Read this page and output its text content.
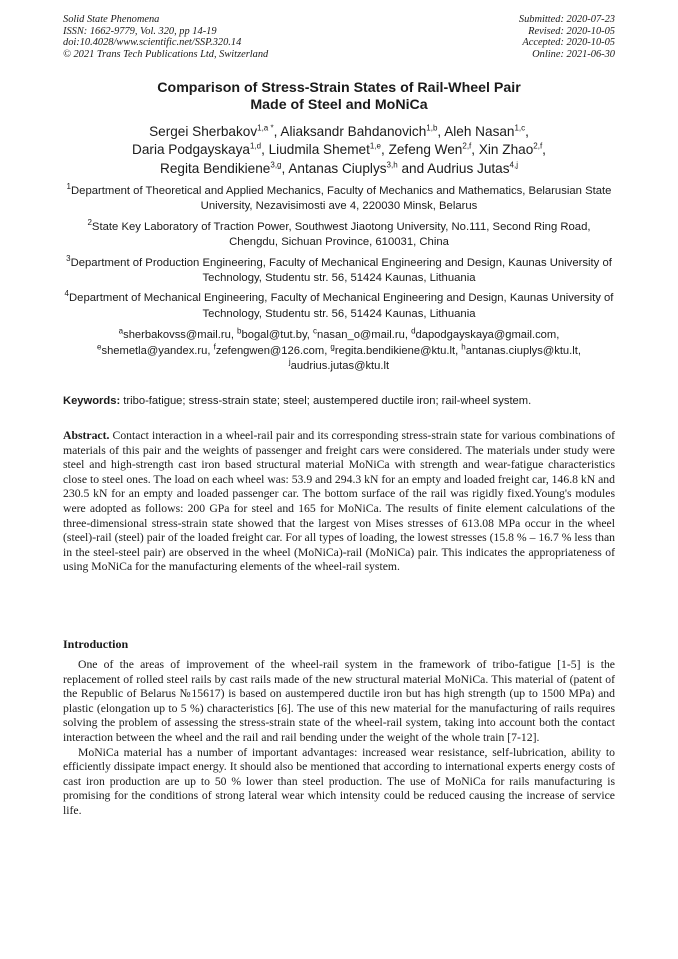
Solid State Phenomena
ISSN: 1662-9779, Vol. 320, pp 14-19
doi:10.4028/www.scientific.net/SSP.320.14
© 2021 Trans Tech Publications Ltd, Switzerland
Submitted: 2020-07-23
Revised: 2020-10-05
Accepted: 2020-10-05
Online: 2021-06-30
Comparison of Stress-Strain States of Rail-Wheel Pair
Made of Steel and MoNiCa
Sergei Sherbakov$^{1,a *}$, Aliaksandr Bahdanovich$^{1,b}$, Aleh Nasan$^{1,c}$,
Daria Podgayskaya$^{1,d}$, Liudmila Shemet$^{1,e}$, Zefeng Wen$^{2,f}$, Xin Zhao$^{2,f}$,
Regita Bendikiene$^{3,g}$, Antanas Ciuplys$^{3,h}$ and Audrius Jutas$^{4,j}$

$^1$Department of Theoretical and Applied Mechanics, Faculty of Mechanics and Mathematics, Belarusian State University, Nezavisimosti ave 4, 220030 Minsk, Belarus

$^2$State Key Laboratory of Traction Power, Southwest Jiaotong University, No.111, Second Ring Road, Chengdu, Sichuan Province, 610031, China

$^3$Department of Production Engineering, Faculty of Mechanical Engineering and Design, Kaunas University of Technology, Studentu str. 56, 51424 Kaunas, Lithuania

$^4$Department of Mechanical Engineering, Faculty of Mechanical Engineering and Design, Kaunas University of Technology, Studentu str. 56, 51424 Kaunas, Lithuania

$^a$sherbakovss@mail.ru, $^b$bogal@tut.by, $^c$nasan_o@mail.ru, $^d$dapodgayskaya@gmail.com,
$^e$shemetla@yandex.ru, $^f$zefengwen@126.com, $^g$regita.bendikiene@ktu.lt, $^h$antanas.ciuplys@ktu.lt,
$^j$audrius.jutas@ktu.lt
Keywords: tribo-fatigue; stress-strain state; steel; austempered ductile iron; rail-wheel system.

Abstract. Contact interaction in a wheel-rail pair and its corresponding stress-strain state for various combinations of materials of this pair and the weights of passenger and freight cars were considered. The materials under study were steel and high-strength cast iron based structural material MoNiCa with strength and wear-fatigue characteristics close to steel ones. The load on each wheel was: 53.9 and 294.3 kN for an empty and loaded freight car, 146.8 kN and 230.5 kN for an empty and loaded passenger car. The bottom surface of the rail was rigidly fixed.Young's modules were adopted as follows: 200 GPa for steel and 165 for MoNiCa. The results of finite element calculations of the three-dimensional stress-strain state showed that the largest von Mises stresses of 613.08 MPa occur in the wheel (steel)-rail (steel) pair of the loaded freight car. For all types of loading, the lowest stresses (15.8 % – 16.7 % less than in the steel-steel pair) are observed in the wheel (MoNiCa)-rail (MoNiCa) pair. This indicates the appropriateness of using MoNiCa for the manufacturing elements of the wheel-rail system.

Introduction

One of the areas of improvement of the wheel-rail system in the framework of tribo-fatigue [1-5] is the replacement of rolled steel rails by cast rails made of the new structural material MoNiCa. This material of (patent of the Republic of Belarus №15617) is based on austempered ductile iron but has high strength (up to 1500 MPa) and plastic (elongation up to 5 %) characteristics [6]. The use of this new material for the manufacturing of rails requires solving the problem of assessing the stress-strain state of the wheel-rail system, taking into account both the contact interaction between the wheel and the rail and rail bending under the weight of the whole train [7-12].

MoNiCa material has a number of important advantages: increased wear resistance, self-lubrication, ability to efficiently dissipate impact energy. It should also be mentioned that according to international experts energy costs of cast iron production are up to 50 % lower than steel production. The use of MoNiCa for rails manufacturing is promising for the conditions of strong lateral wear which intensity could be reduced causing the increase of service life.
